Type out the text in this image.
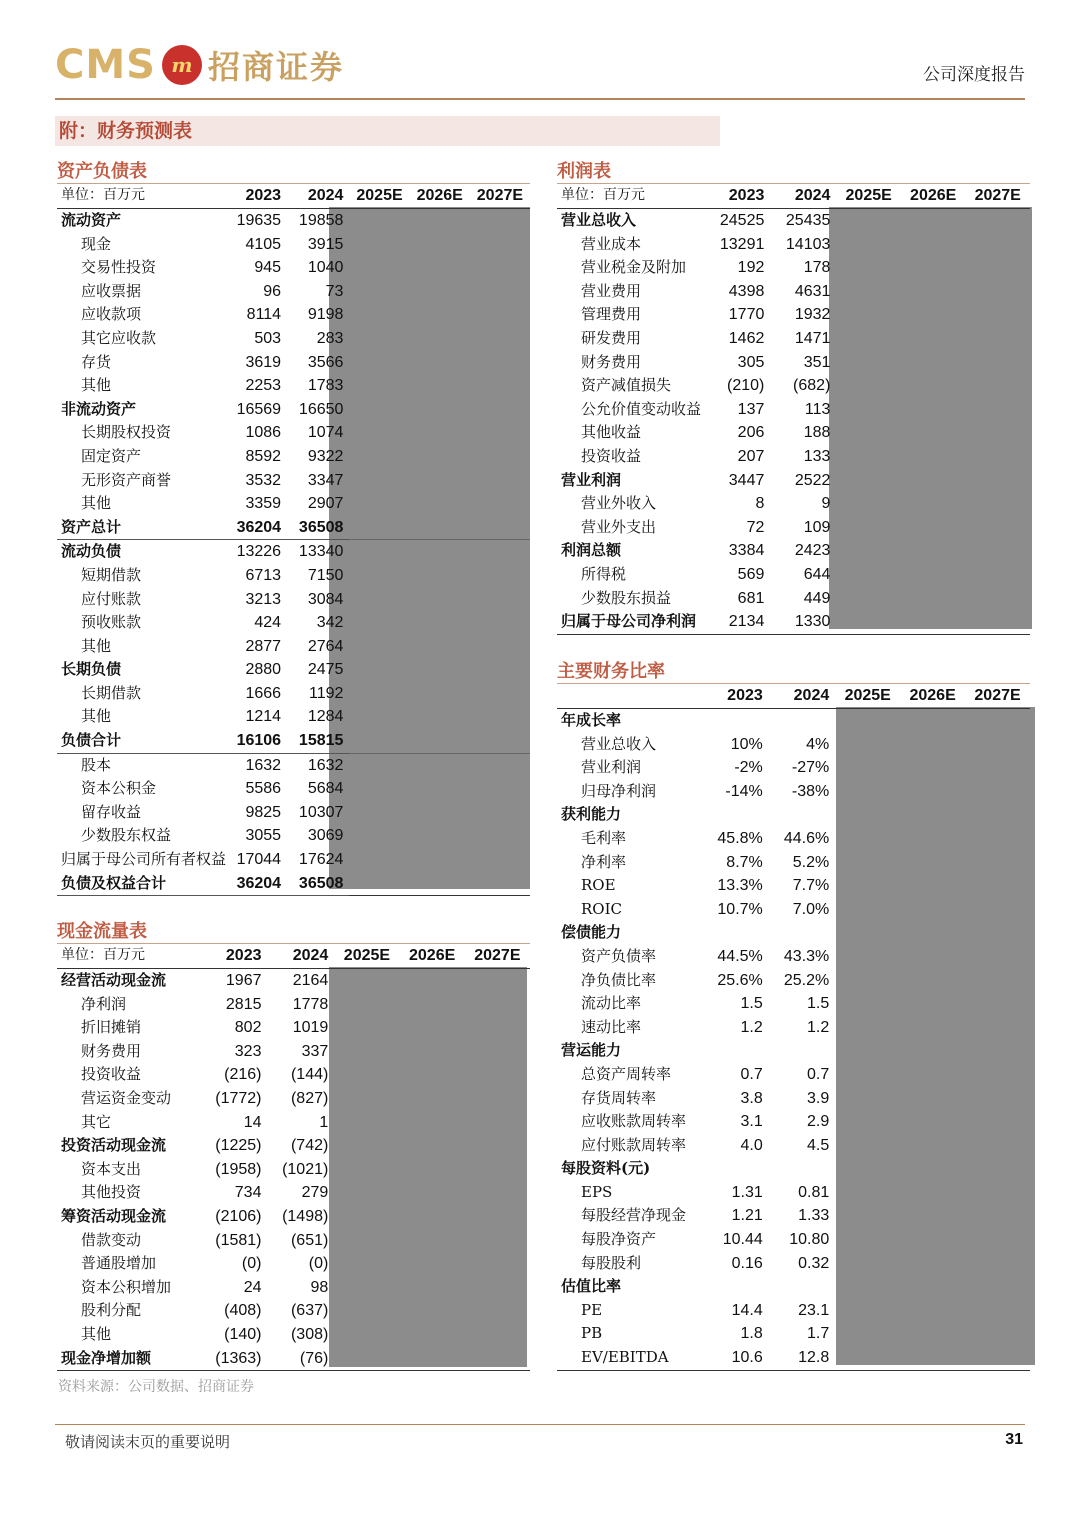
CMS m 招商证券	公司深度报告
附：财务预测表
资产负债表
单位：百万元	2023	2024	2025E	2026E	2027E
流动资产	19635	19858			
现金	4105	3915			
交易性投资	945	1040			
应收票据	96	73			
应收款项	8114	9198			
其它应收款	503	283			
存货	3619	3566			
其他	2253	1783			
非流动资产	16569	16650			
长期股权投资	1086	1074			
固定资产	8592	9322			
无形资产商誉	3532	3347			
其他	3359	2907			
资产总计	36204	36508			
流动负债	13226	13340			
短期借款	6713	7150			
应付账款	3213	3084			
预收账款	424	342			
其他	2877	2764			
长期负债	2880	2475			
长期借款	1666	1192			
其他	1214	1284			
负债合计	16106	15815			
股本	1632	1632			
资本公积金	5586	5684			
留存收益	9825	10307			
少数股东权益	3055	3069			
归属于母公司所有者权益	17044	17624			
负债及权益合计	36204	36508			

现金流量表
单位：百万元	2023	2024	2025E	2026E	2027E
经营活动现金流	1967	2164			
净利润	2815	1778			
折旧摊销	802	1019			
财务费用	323	337			
投资收益	(216)	(144)			
营运资金变动	(1772)	(827)			
其它	14	1			
投资活动现金流	(1225)	(742)			
资本支出	(1958)	(1021)			
其他投资	734	279			
筹资活动现金流	(2106)	(1498)			
借款变动	(1581)	(651)			
普通股增加	(0)	(0)			
资本公积增加	24	98			
股利分配	(408)	(637)			
其他	(140)	(308)			
现金净增加额	(1363)	(76)			

利润表
单位：百万元	2023	2024	2025E	2026E	2027E
营业总收入	24525	25435			
营业成本	13291	14103			
营业税金及附加	192	178			
营业费用	4398	4631			
管理费用	1770	1932			
研发费用	1462	1471			
财务费用	305	351			
资产减值损失	(210)	(682)			
公允价值变动收益	137	113			
其他收益	206	188			
投资收益	207	133			
营业利润	3447	2522			
营业外收入	8	9			
营业外支出	72	109			
利润总额	3384	2423			
所得税	569	644			
少数股东损益	681	449			
归属于母公司净利润	2134	1330			

主要财务比率
	2023	2024	2025E	2026E	2027E
年成长率					
营业总收入	10%	4%			
营业利润	-2%	-27%			
归母净利润	-14%	-38%			
获利能力					
毛利率	45.8%	44.6%			
净利率	8.7%	5.2%			
ROE	13.3%	7.7%			
ROIC	10.7%	7.0%			
偿债能力					
资产负债率	44.5%	43.3%			
净负债比率	25.6%	25.2%			
流动比率	1.5	1.5			
速动比率	1.2	1.2			
营运能力					
总资产周转率	0.7	0.7			
存货周转率	3.8	3.9			
应收账款周转率	3.1	2.9			
应付账款周转率	4.0	4.5			
每股资料(元)					
EPS	1.31	0.81			
每股经营净现金	1.21	1.33			
每股净资产	10.44	10.80			
每股股利	0.16	0.32			
估值比率					
PE	14.4	23.1			
PB	1.8	1.7			
EV/EBITDA	10.6	12.8			

资料来源：公司数据、招商证券
敬请阅读末页的重要说明	31
